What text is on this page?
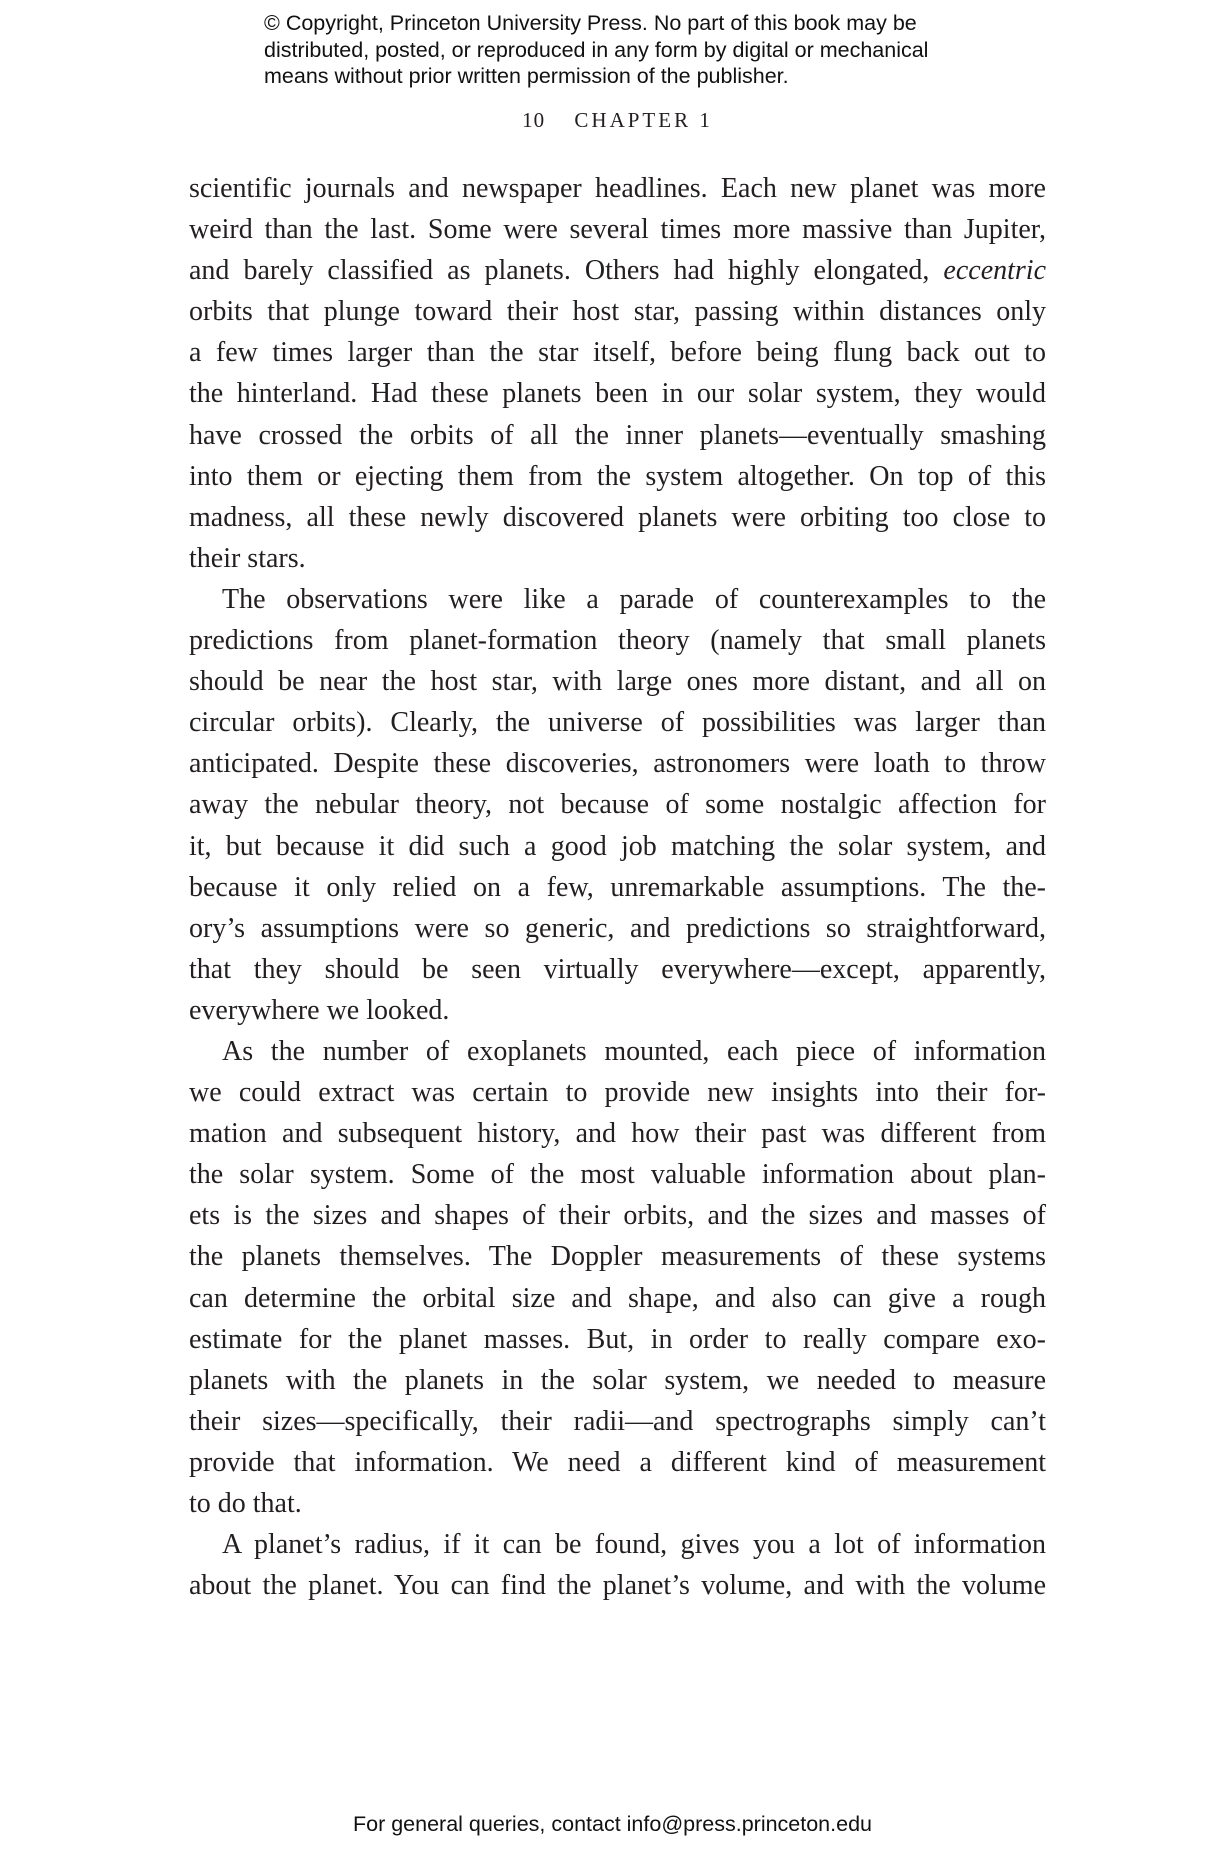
© Copyright, Princeton University Press. No part of this book may be
distributed, posted, or reproduced in any form by digital or mechanical
means without prior written permission of the publisher.
10 CHAPTER 1
scientific journals and newspaper headlines. Each new planet was more
weird than the last. Some were several times more massive than Jupiter,
and barely classified as planets. Others had highly elongated, eccentric
orbits that plunge toward their host star, passing within distances only
a few times larger than the star itself, before being flung back out to
the hinterland. Had these planets been in our solar system, they would
have crossed the orbits of all the inner planets—eventually smashing
into them or ejecting them from the system altogether. On top of this
madness, all these newly discovered planets were orbiting too close to
their stars.
The observations were like a parade of counterexamples to the
predictions from planet-formation theory (namely that small planets
should be near the host star, with large ones more distant, and all on
circular orbits). Clearly, the universe of possibilities was larger than
anticipated. Despite these discoveries, astronomers were loath to throw
away the nebular theory, not because of some nostalgic affection for
it, but because it did such a good job matching the solar system, and
because it only relied on a few, unremarkable assumptions. The the-
ory’s assumptions were so generic, and predictions so straightforward,
that they should be seen virtually everywhere—except, apparently,
everywhere we looked.
As the number of exoplanets mounted, each piece of information
we could extract was certain to provide new insights into their for-
mation and subsequent history, and how their past was different from
the solar system. Some of the most valuable information about plan-
ets is the sizes and shapes of their orbits, and the sizes and masses of
the planets themselves. The Doppler measurements of these systems
can determine the orbital size and shape, and also can give a rough
estimate for the planet masses. But, in order to really compare exo-
planets with the planets in the solar system, we needed to measure
their sizes—specifically, their radii—and spectrographs simply can’t
provide that information. We need a different kind of measurement
to do that.
A planet’s radius, if it can be found, gives you a lot of information
about the planet. You can find the planet’s volume, and with the volume
For general queries, contact info@press.princeton.edu
